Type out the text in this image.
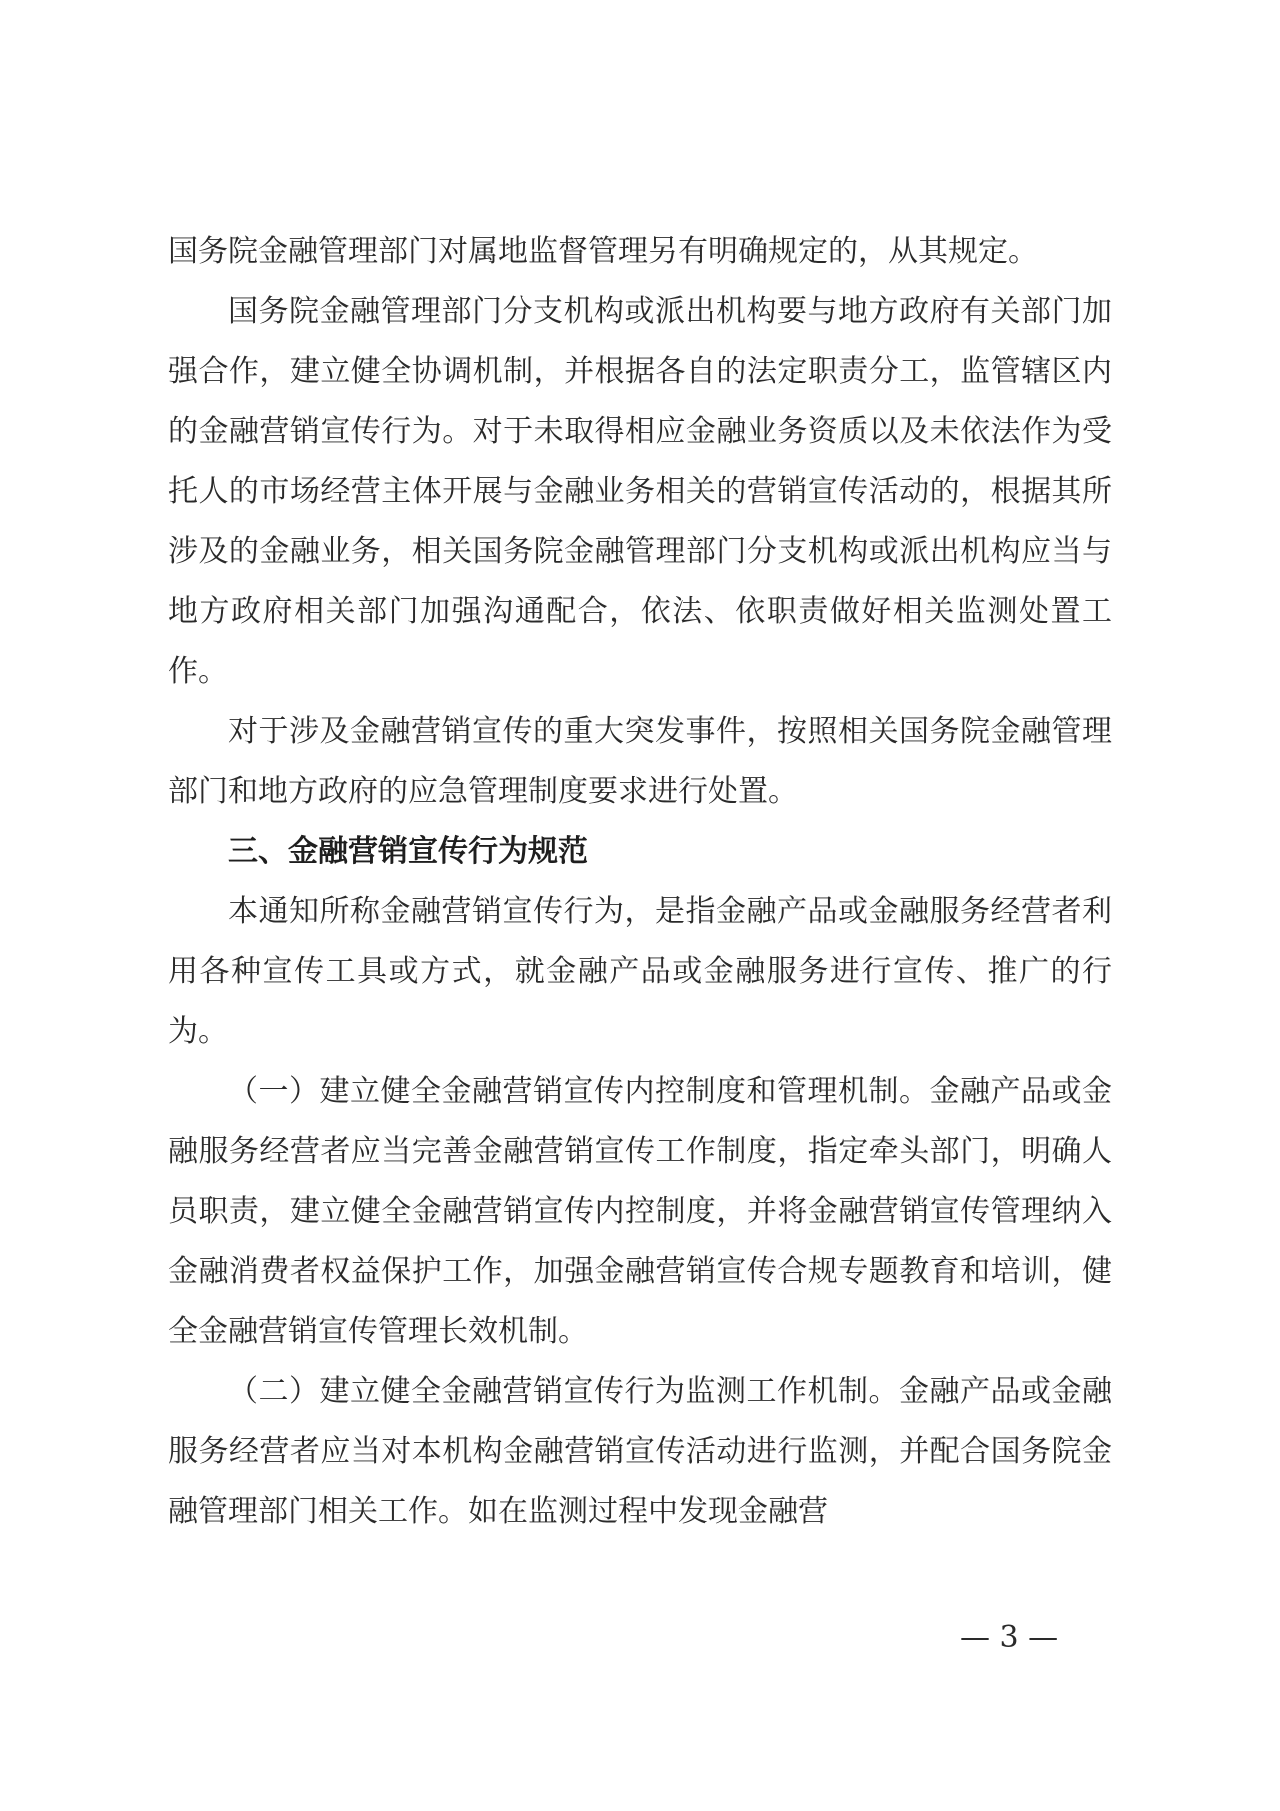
国务院金融管理部门对属地监督管理另有明确规定的，从其规定。

国务院金融管理部门分支机构或派出机构要与地方政府有关部门加强合作，建立健全协调机制，并根据各自的法定职责分工，监管辖区内的金融营销宣传行为。对于未取得相应金融业务资质以及未依法作为受托人的市场经营主体开展与金融业务相关的营销宣传活动的，根据其所涉及的金融业务，相关国务院金融管理部门分支机构或派出机构应当与地方政府相关部门加强沟通配合，依法、依职责做好相关监测处置工作。

对于涉及金融营销宣传的重大突发事件，按照相关国务院金融管理部门和地方政府的应急管理制度要求进行处置。

三、金融营销宣传行为规范

本通知所称金融营销宣传行为，是指金融产品或金融服务经营者利用各种宣传工具或方式，就金融产品或金融服务进行宣传、推广的行为。

（一）建立健全金融营销宣传内控制度和管理机制。金融产品或金融服务经营者应当完善金融营销宣传工作制度，指定牵头部门，明确人员职责，建立健全金融营销宣传内控制度，并将金融营销宣传管理纳入金融消费者权益保护工作，加强金融营销宣传合规专题教育和培训，健全金融营销宣传管理长效机制。

（二）建立健全金融营销宣传行为监测工作机制。金融产品或金融服务经营者应当对本机构金融营销宣传活动进行监测，并配合国务院金融管理部门相关工作。如在监测过程中发现金融营

— 3 —
